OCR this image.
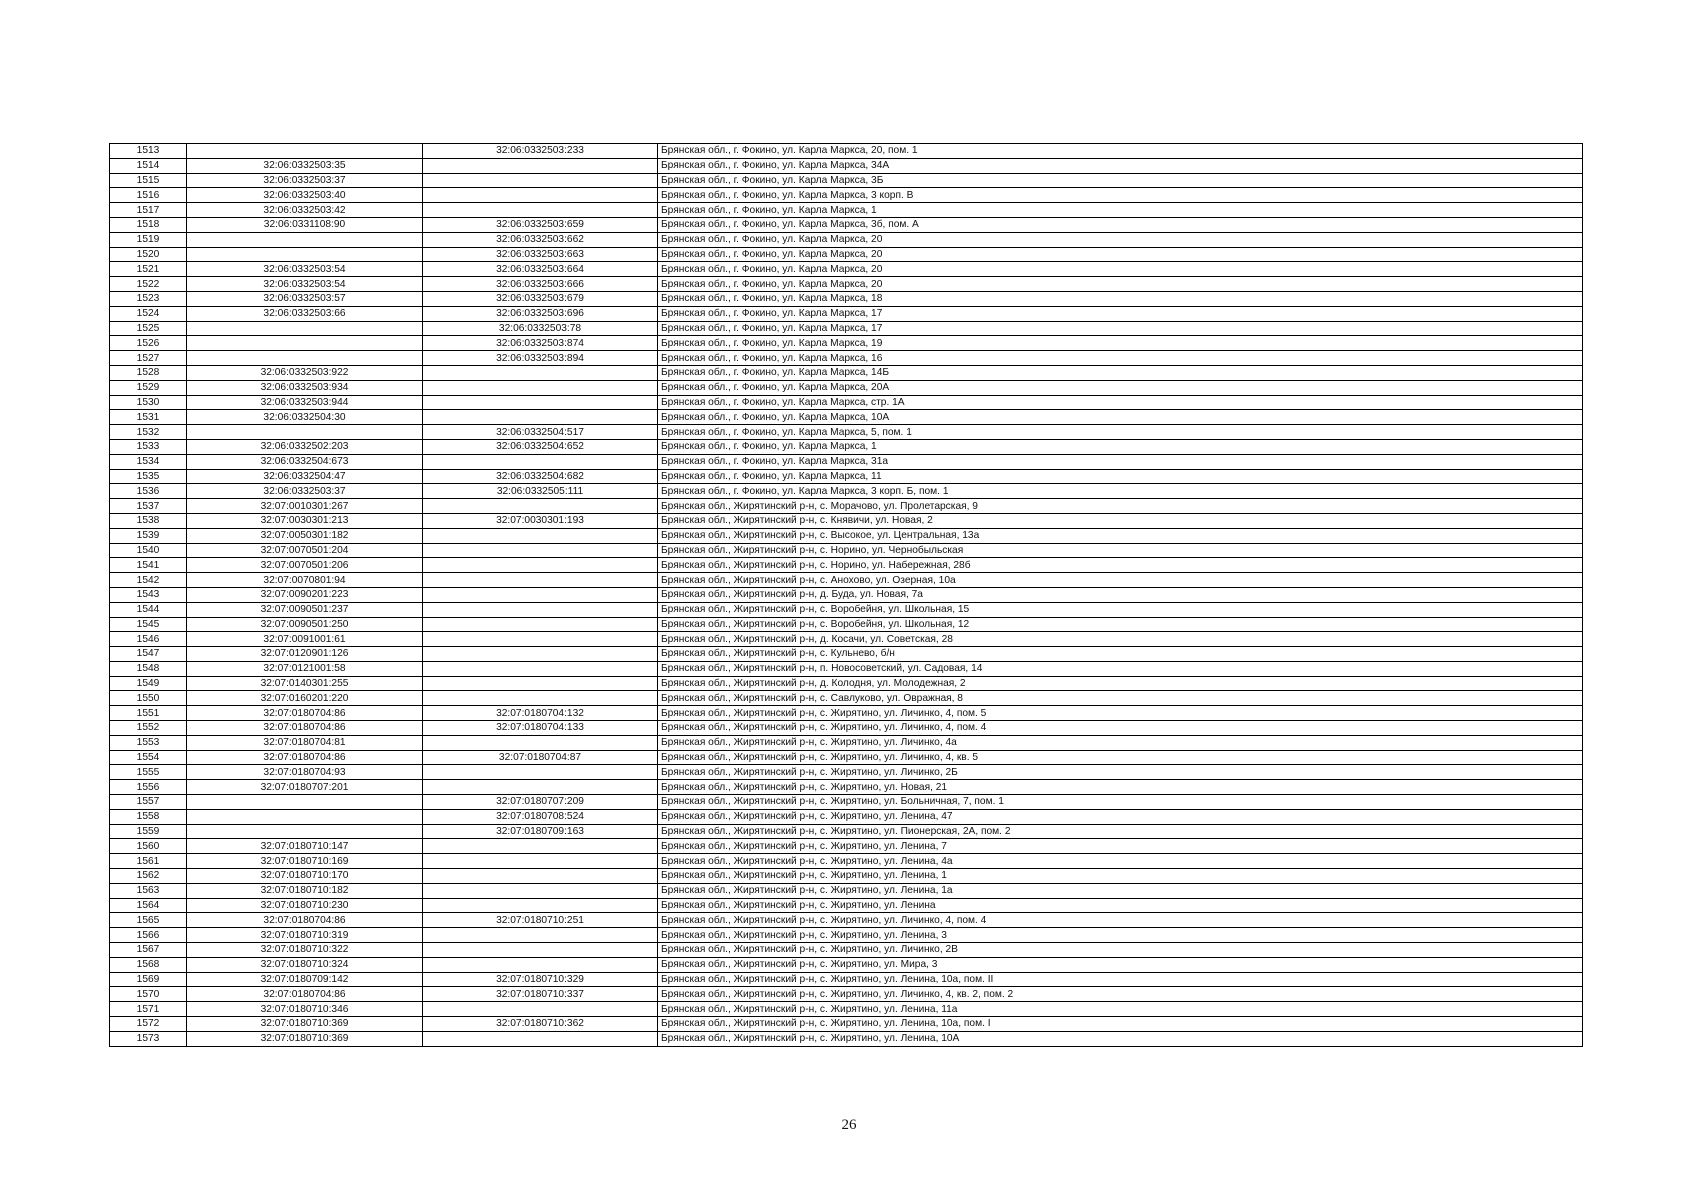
1513		32:06:0332503:233	Брянская обл., г. Фокино, ул. Карла Маркса, 20, пом. 1
1514	32:06:0332503:35		Брянская обл., г. Фокино, ул. Карла Маркса, 34А
1515	32:06:0332503:37		Брянская обл., г. Фокино, ул. Карла Маркса, 3Б
1516	32:06:0332503:40		Брянская обл., г. Фокино, ул. Карла Маркса, 3 корп. В
1517	32:06:0332503:42		Брянская обл., г. Фокино, ул. Карла Маркса, 1
1518	32:06:0331108:90	32:06:0332503:659	Брянская обл., г. Фокино, ул. Карла Маркса, 3б, пом. А
1519		32:06:0332503:662	Брянская обл., г. Фокино, ул. Карла Маркса, 20
1520		32:06:0332503:663	Брянская обл., г. Фокино, ул. Карла Маркса, 20
1521	32:06:0332503:54	32:06:0332503:664	Брянская обл., г. Фокино, ул. Карла Маркса, 20
1522	32:06:0332503:54	32:06:0332503:666	Брянская обл., г. Фокино, ул. Карла Маркса, 20
1523	32:06:0332503:57	32:06:0332503:679	Брянская обл., г. Фокино, ул. Карла Маркса, 18
1524	32:06:0332503:66	32:06:0332503:696	Брянская обл., г. Фокино, ул. Карла Маркса, 17
1525		32:06:0332503:78	Брянская обл., г. Фокино, ул. Карла Маркса, 17
1526		32:06:0332503:874	Брянская обл., г. Фокино, ул. Карла Маркса, 19
1527		32:06:0332503:894	Брянская обл., г. Фокино, ул. Карла Маркса, 16
1528	32:06:0332503:922		Брянская обл., г. Фокино, ул. Карла Маркса, 14Б
1529	32:06:0332503:934		Брянская обл., г. Фокино, ул. Карла Маркса, 20А
1530	32:06:0332503:944		Брянская обл., г. Фокино, ул. Карла Маркса, стр. 1А
1531	32:06:0332504:30		Брянская обл., г. Фокино, ул. Карла Маркса, 10А
1532		32:06:0332504:517	Брянская обл., г. Фокино, ул. Карла Маркса, 5, пом. 1
1533	32:06:0332502:203	32:06:0332504:652	Брянская обл., г. Фокино, ул. Карла Маркса, 1
1534	32:06:0332504:673		Брянская обл., г. Фокино, ул. Карла Маркса, 31а
1535	32:06:0332504:47	32:06:0332504:682	Брянская обл., г. Фокино, ул. Карла Маркса, 11
1536	32:06:0332503:37	32:06:0332505:111	Брянская обл., г. Фокино, ул. Карла Маркса, 3 корп. Б, пом. 1
1537	32:07:0010301:267		Брянская обл., Жирятинский р-н, с. Морачово, ул. Пролетарская, 9
1538	32:07:0030301:213	32:07:0030301:193	Брянская обл., Жирятинский р-н, с. Княвичи, ул. Новая, 2
1539	32:07:0050301:182		Брянская обл., Жирятинский р-н, с. Высокое, ул. Центральная, 13а
1540	32:07:0070501:204		Брянская обл., Жирятинский р-н, с. Норино, ул. Чернобыльская
1541	32:07:0070501:206		Брянская обл., Жирятинский р-н, с. Норино, ул. Набережная, 28б
1542	32:07:0070801:94		Брянская обл., Жирятинский р-н, с. Анохово, ул. Озерная, 10а
1543	32:07:0090201:223		Брянская обл., Жирятинский р-н, д. Буда, ул. Новая, 7а
1544	32:07:0090501:237		Брянская обл., Жирятинский р-н, с. Воробейня, ул. Школьная, 15
1545	32:07:0090501:250		Брянская обл., Жирятинский р-н, с. Воробейня, ул. Школьная, 12
1546	32:07:0091001:61		Брянская обл., Жирятинский р-н, д. Косачи, ул. Советская, 28
1547	32:07:0120901:126		Брянская обл., Жирятинский р-н, с. Кульнево, б/н
1548	32:07:0121001:58		Брянская обл., Жирятинский р-н, п. Новосоветский, ул. Садовая, 14
1549	32:07:0140301:255		Брянская обл., Жирятинский р-н, д. Колодня, ул. Молодежная, 2
1550	32:07:0160201:220		Брянская обл., Жирятинский р-н, с. Савлуково, ул. Овражная, 8
1551	32:07:0180704:86	32:07:0180704:132	Брянская обл., Жирятинский р-н, с. Жирятино, ул. Личинко, 4, пом. 5
1552	32:07:0180704:86	32:07:0180704:133	Брянская обл., Жирятинский р-н, с. Жирятино, ул. Личинко, 4, пом. 4
1553	32:07:0180704:81		Брянская обл., Жирятинский р-н, с. Жирятино, ул. Личинко, 4а
1554	32:07:0180704:86	32:07:0180704:87	Брянская обл., Жирятинский р-н, с. Жирятино, ул. Личинко, 4, кв. 5
1555	32:07:0180704:93		Брянская обл., Жирятинский р-н, с. Жирятино, ул. Личинко, 2Б
1556	32:07:0180707:201		Брянская обл., Жирятинский р-н, с. Жирятино, ул. Новая, 21
1557		32:07:0180707:209	Брянская обл., Жирятинский р-н, с. Жирятино, ул. Больничная, 7, пом. 1
1558		32:07:0180708:524	Брянская обл., Жирятинский р-н, с. Жирятино, ул. Ленина, 47
1559		32:07:0180709:163	Брянская обл., Жирятинский р-н, с. Жирятино, ул. Пионерская, 2А, пом. 2
1560	32:07:0180710:147		Брянская обл., Жирятинский р-н, с. Жирятино, ул. Ленина, 7
1561	32:07:0180710:169		Брянская обл., Жирятинский р-н, с. Жирятино, ул. Ленина, 4а
1562	32:07:0180710:170		Брянская обл., Жирятинский р-н, с. Жирятино, ул. Ленина, 1
1563	32:07:0180710:182		Брянская обл., Жирятинский р-н, с. Жирятино, ул. Ленина, 1а
1564	32:07:0180710:230		Брянская обл., Жирятинский р-н, с. Жирятино, ул. Ленина
1565	32:07:0180704:86	32:07:0180710:251	Брянская обл., Жирятинский р-н, с. Жирятино, ул. Личинко, 4, пом. 4
1566	32:07:0180710:319		Брянская обл., Жирятинский р-н, с. Жирятино, ул. Ленина, 3
1567	32:07:0180710:322		Брянская обл., Жирятинский р-н, с. Жирятино, ул. Личинко, 2В
1568	32:07:0180710:324		Брянская обл., Жирятинский р-н, с. Жирятино, ул. Мира, 3
1569	32:07:0180709:142	32:07:0180710:329	Брянская обл., Жирятинский р-н, с. Жирятино, ул. Ленина, 10а, пом. II
1570	32:07:0180704:86	32:07:0180710:337	Брянская обл., Жирятинский р-н, с. Жирятино, ул. Личинко, 4, кв. 2, пом. 2
1571	32:07:0180710:346		Брянская обл., Жирятинский р-н, с. Жирятино, ул. Ленина, 11а
1572	32:07:0180710:369	32:07:0180710:362	Брянская обл., Жирятинский р-н, с. Жирятино, ул. Ленина, 10а, пом. I
1573	32:07:0180710:369		Брянская обл., Жирятинский р-н, с. Жирятино, ул. Ленина, 10А
26
